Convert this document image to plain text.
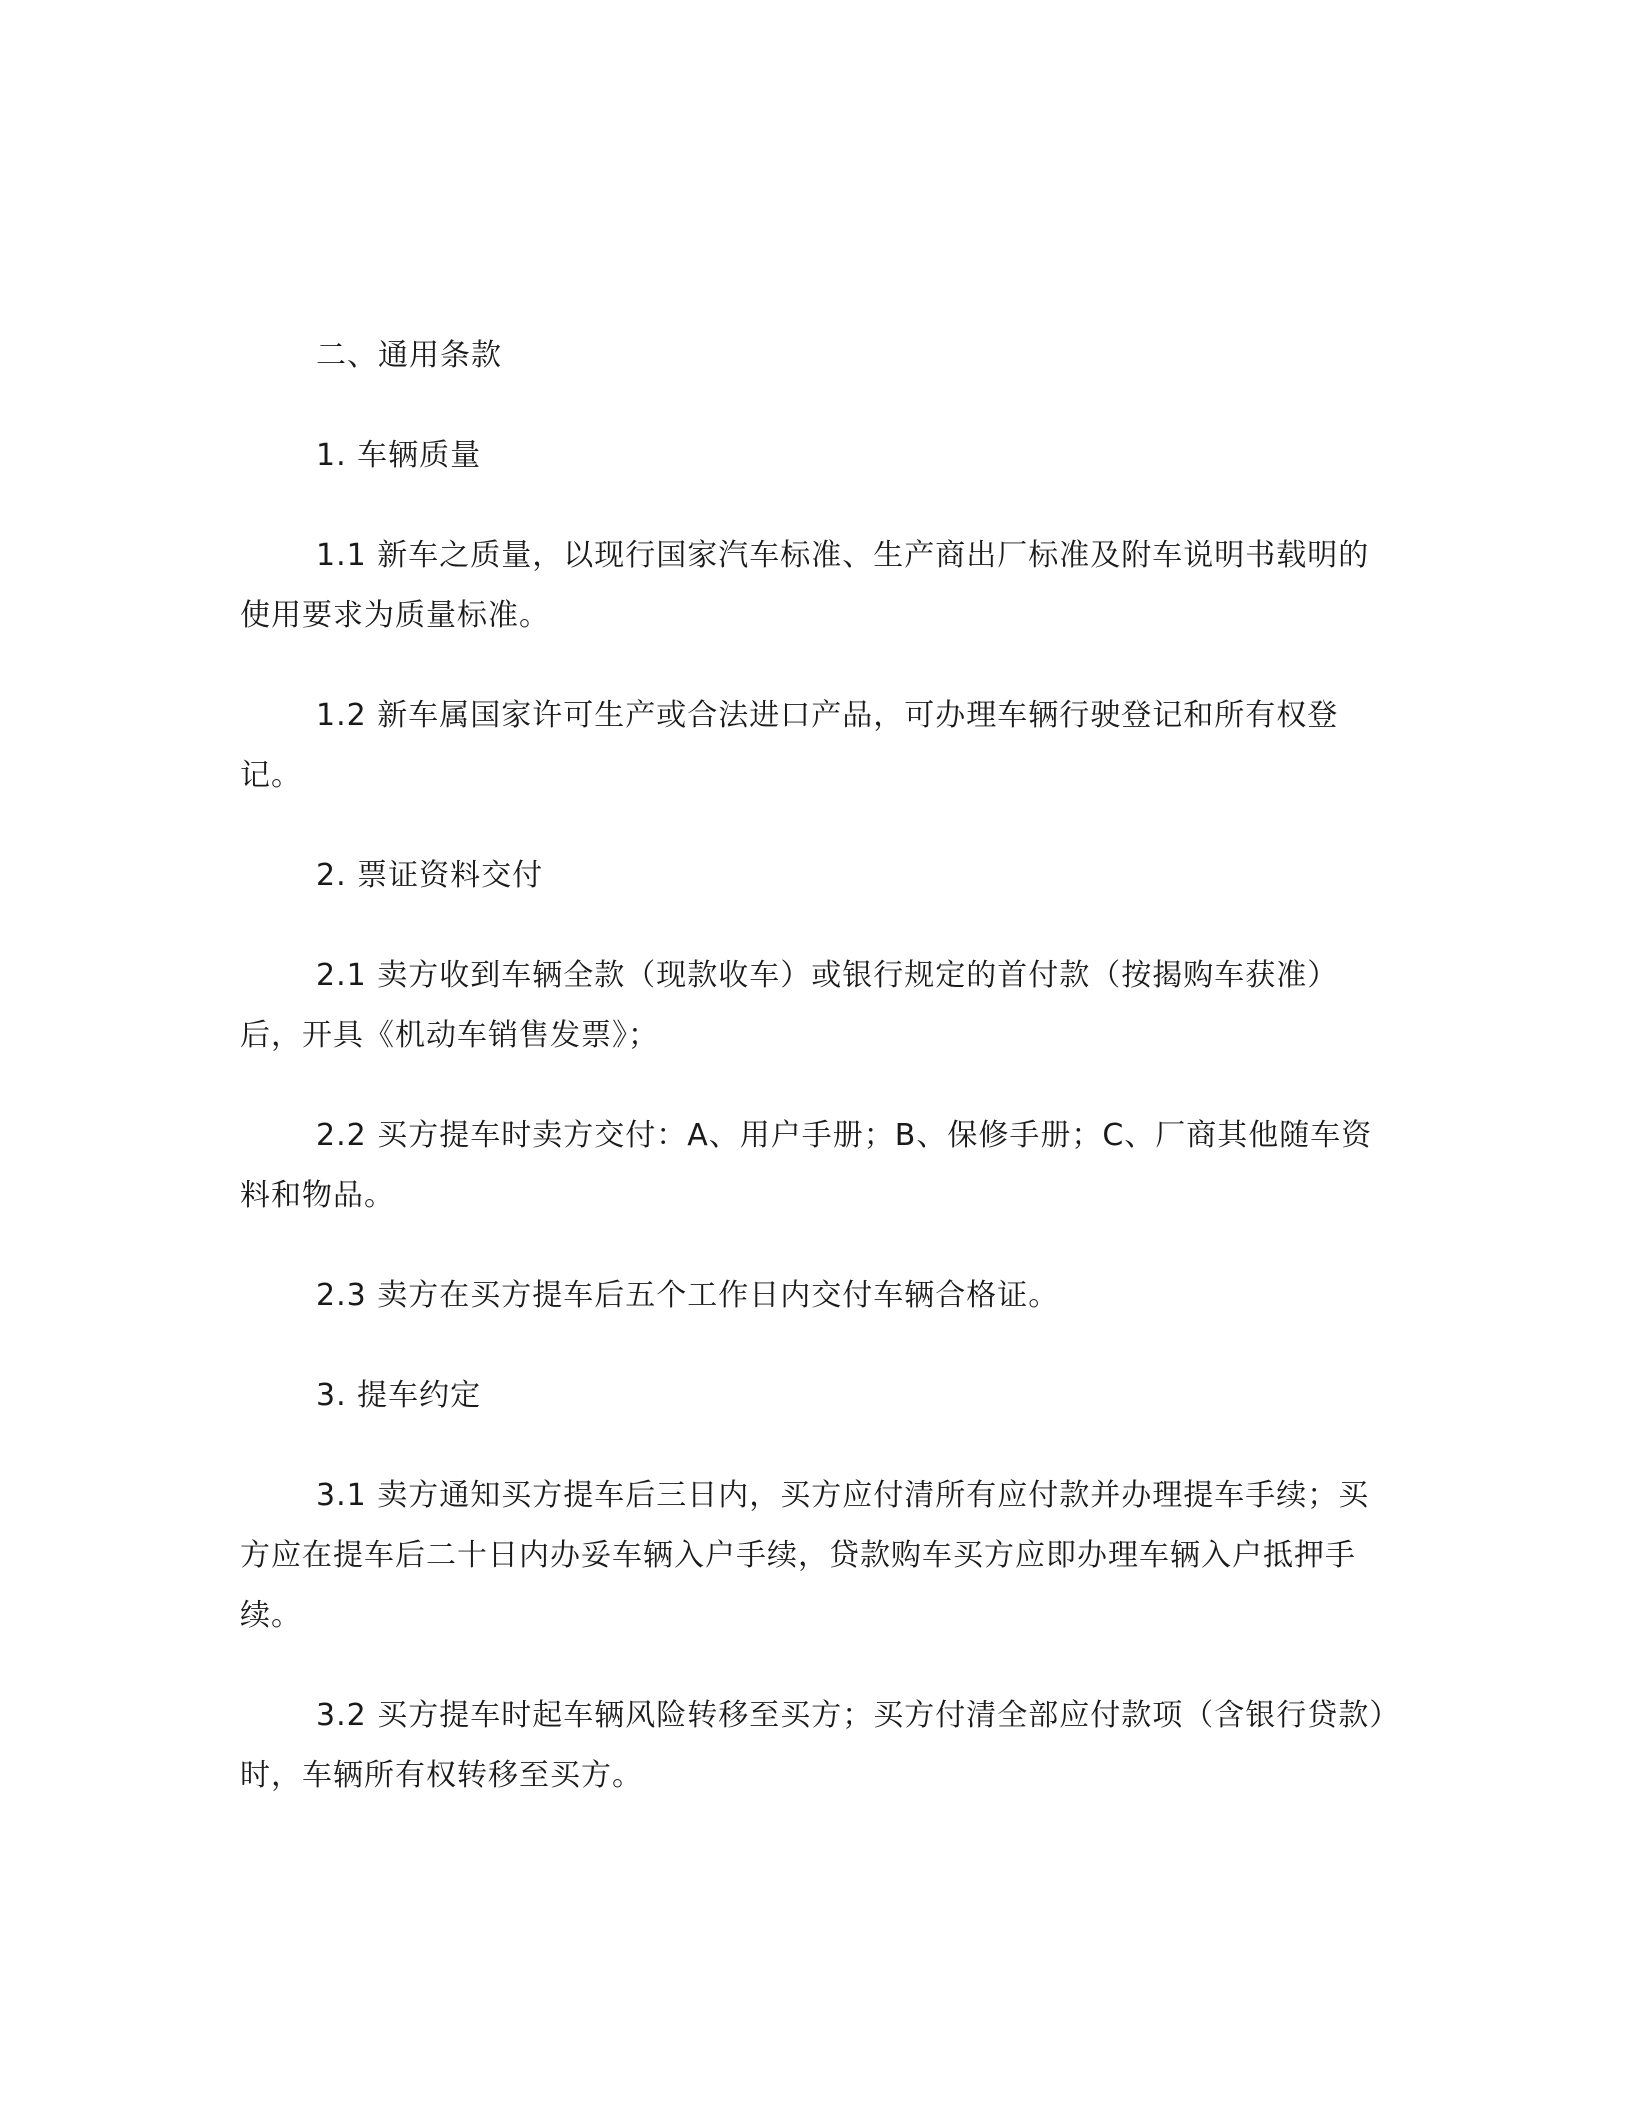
二、通用条款

1. 车辆质量

1.1 新车之质量，以现行国家汽车标准、生产商出厂标准及附车说明书载明的使用要求为质量标准。

1.2 新车属国家许可生产或合法进口产品，可办理车辆行驶登记和所有权登记。

2. 票证资料交付

2.1 卖方收到车辆全款（现款收车）或银行规定的首付款（按揭购车获准）后，开具《机动车销售发票》；

2.2 买方提车时卖方交付：A、用户手册；B、保修手册；C、厂商其他随车资料和物品。

2.3 卖方在买方提车后五个工作日内交付车辆合格证。

3. 提车约定

3.1 卖方通知买方提车后三日内，买方应付清所有应付款并办理提车手续；买方应在提车后二十日内办妥车辆入户手续，贷款购车买方应即办理车辆入户抵押手续。

3.2 买方提车时起车辆风险转移至买方；买方付清全部应付款项（含银行贷款）时，车辆所有权转移至买方。
